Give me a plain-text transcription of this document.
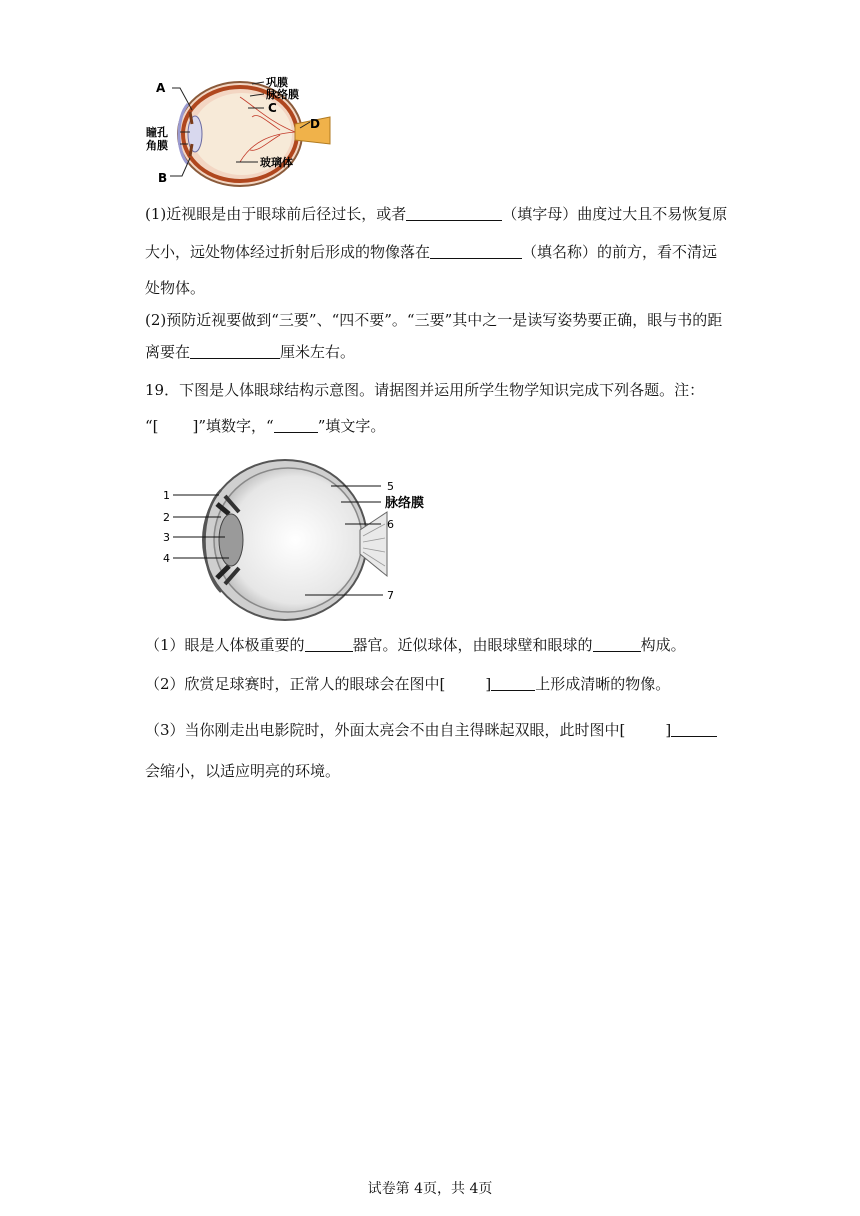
A
瞳孔
角膜
B
巩膜
脉络膜
C
D
玻璃体
(1)近视眼是由于眼球前后径过长，或者	（填字母）曲度过大且不易恢复原
大小，远处物体经过折射后形成的物像落在	（填名称）的前方，看不清远
处物体。
(2)预防近视要做到“三要”、“四不要”。“三要”其中之一是读写姿势要正确，眼与书的距
离要在	厘米左右。
19．下图是人体眼球结构示意图。请据图并运用所学生物学知识完成下列各题。注：
“[ ]”填数字，“	”填文字。
1
2
3
4
5
脉络膜
6
7
（1）眼是人体极重要的	器官。近似球体，由眼球壁和眼球的	构成。
（2）欣赏足球赛时，正常人的眼球会在图中[	]	上形成清晰的物像。
（3）当你刚走出电影院时，外面太亮会不由自主得眯起双眼，此时图中[	]
会缩小，以适应明亮的环境。
试卷第 4页，共 4页
